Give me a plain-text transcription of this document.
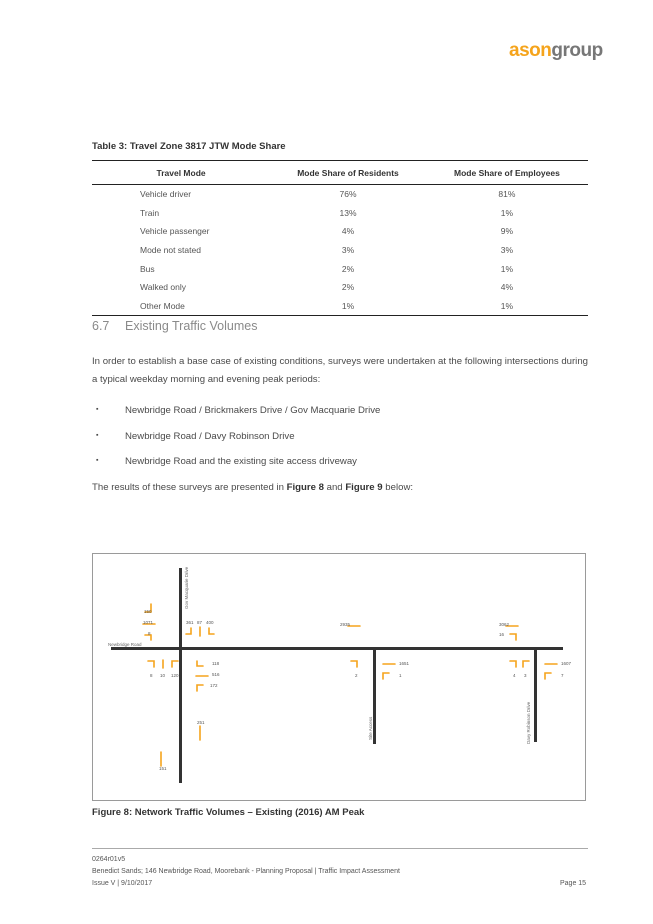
asongroup
Table 3: Travel Zone 3817 JTW Mode Share
Travel Mode	Mode Share of Residents	Mode Share of Employees
Vehicle driver	76%	81%
Train	13%	1%
Vehicle passenger	4%	9%
Mode not stated	3%	3%
Bus	2%	1%
Walked only	2%	4%
Other Mode	1%	1%
6.7 Existing Traffic Volumes
In order to establish a base case of existing conditions, surveys were undertaken at the following intersections during a typical weekday morning and evening peak periods:
▪	Newbridge Road / Brickmakers Drive / Gov Macquarie Drive
▪	Newbridge Road / Davy Robinson Drive
▪	Newbridge Road and the existing site access driveway
The results of these surveys are presented in Figure 8 and Figure 9 below:
Newbridge Road
Gov Macquarie Drive
Site Access	Davy Robinson Drive
150
1071
8
361 87 400
8 10 120
118
516
172
251
151
2935
2
1651
1
3062
16
4 3
1607
7
Figure 8: Network Traffic Volumes – Existing (2016) AM Peak
0264r01v5
Benedict Sands; 146 Newbridge Road, Moorebank - Planning Proposal | Traffic Impact Assessment
Issue V | 9/10/2017	Page 15
